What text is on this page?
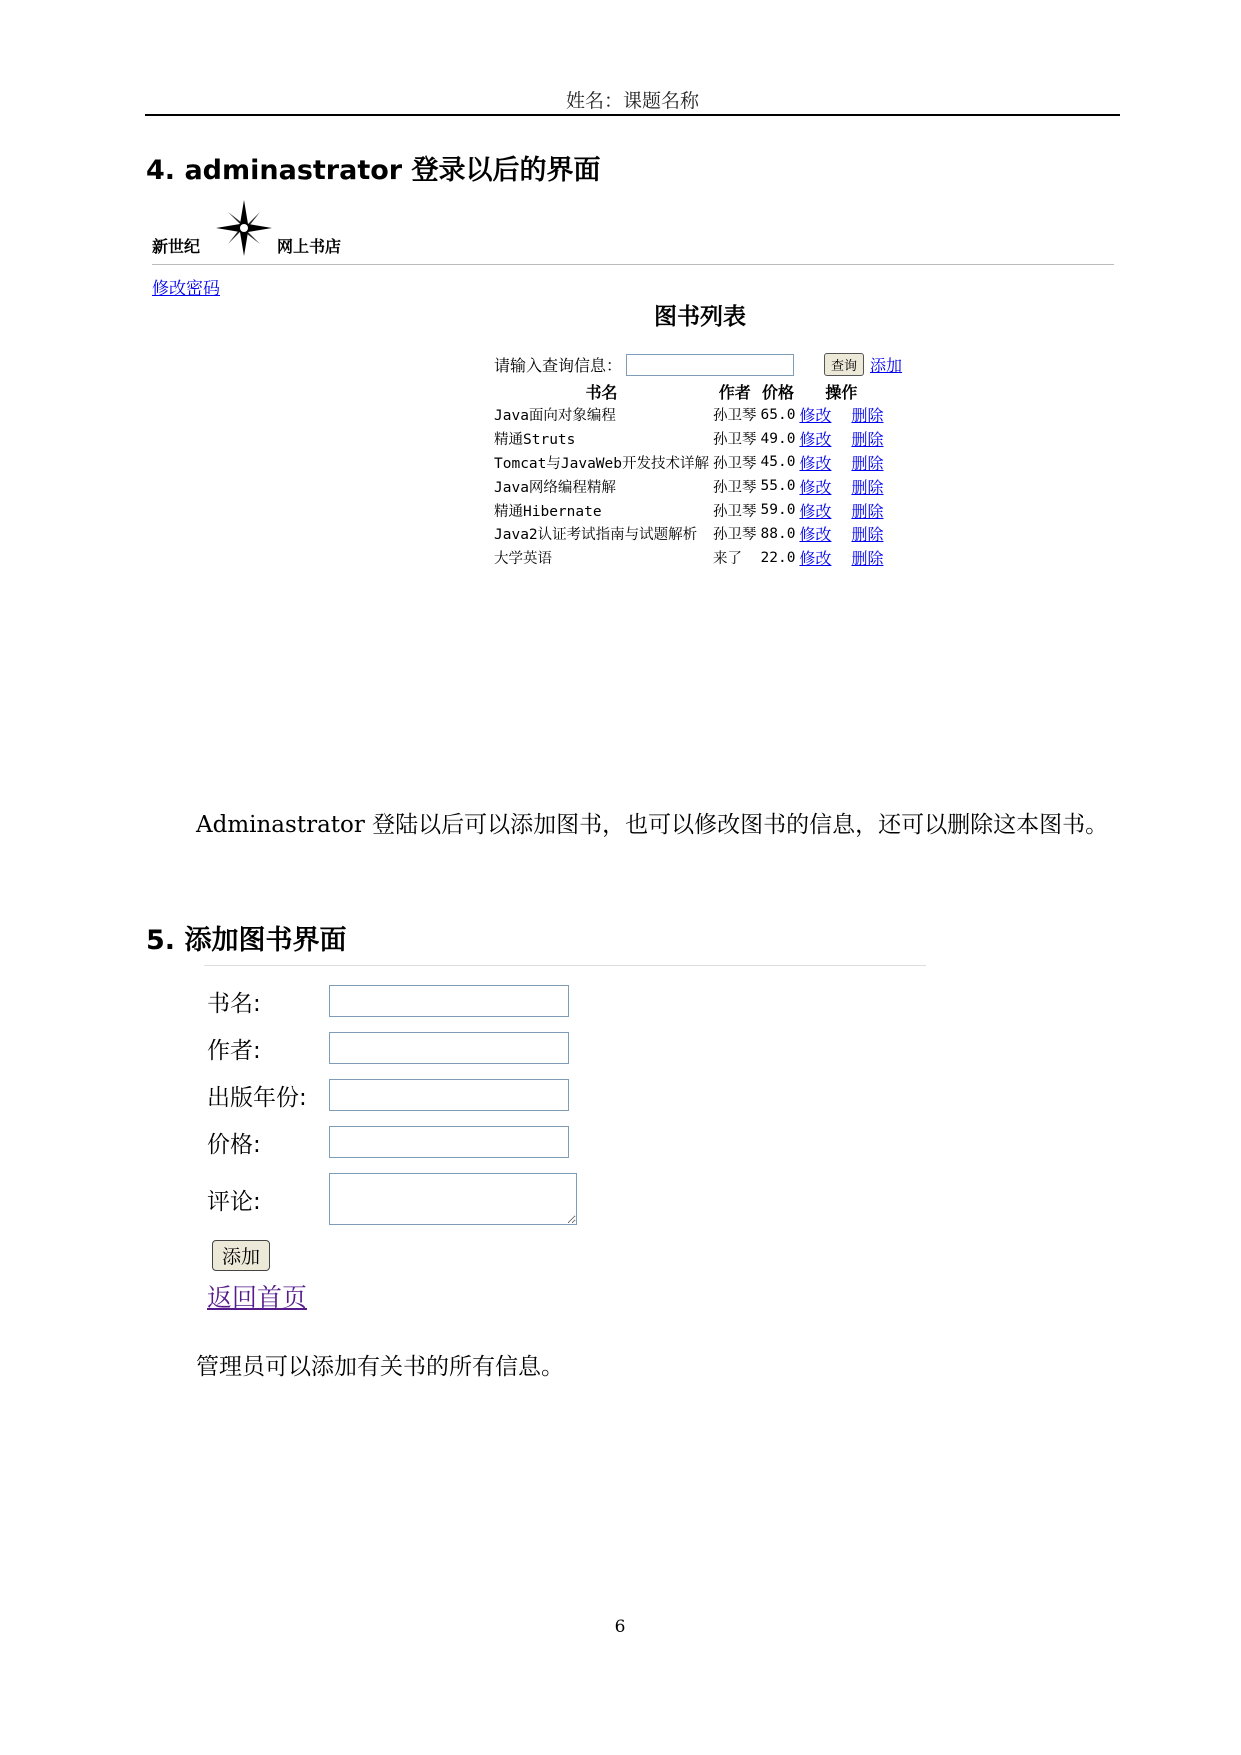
姓名：课题名称
4. adminastrator 登录以后的界面
新世纪	网上书店
修改密码
图书列表
请输入查询信息：	查询 添加
书名	作者	价格	操作		
Java面向对象编程	孙卫琴	65.0	修改		删除
精通Struts	孙卫琴	49.0	修改		删除
Tomcat与JavaWeb开发技术详解	孙卫琴	45.0	修改		删除
Java网络编程精解	孙卫琴	55.0	修改		删除
精通Hibernate	孙卫琴	59.0	修改		删除
Java2认证考试指南与试题解析	孙卫琴	88.0	修改		删除
大学英语	来了	22.0	修改		删除
Adminastrator 登陆以后可以添加图书，也可以修改图书的信息，还可以删除这本图书。
5. 添加图书界面
书名:
作者:
出版年份:
价格:
评论:
添加
返回首页
管理员可以添加有关书的所有信息。
6
